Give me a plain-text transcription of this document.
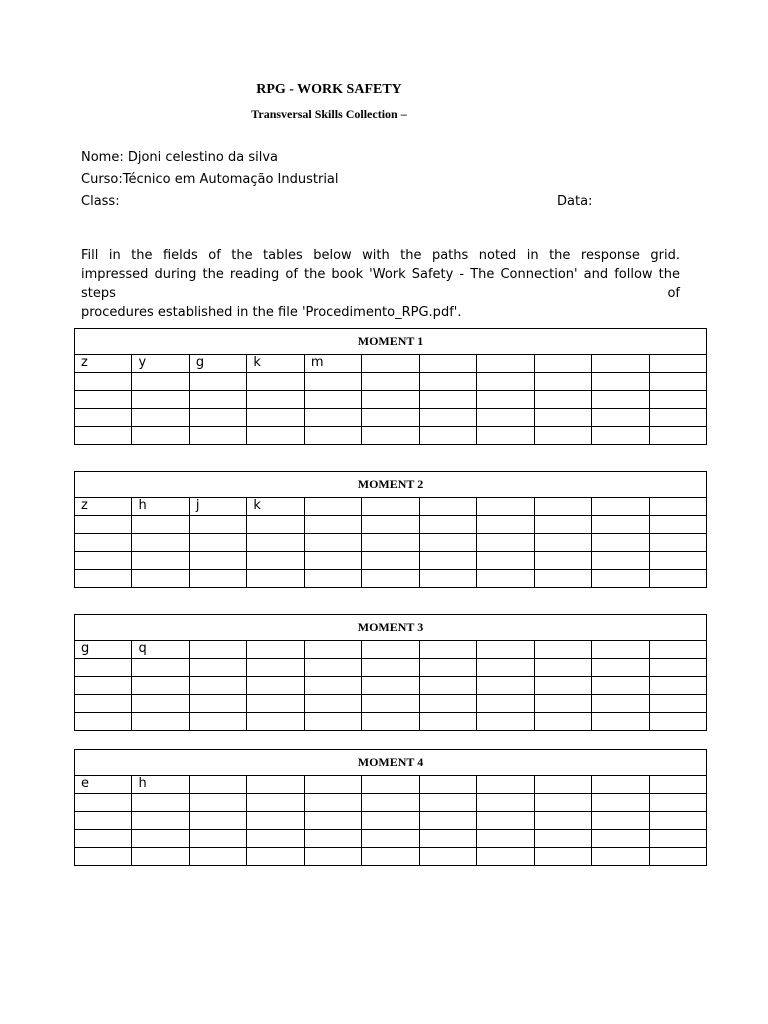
RPG - WORK SAFETY
Transversal Skills Collection –
Nome: Djoni celestino da silva
Curso:Técnico em Automação Industrial
Class:	Data:
Fill in the fields of the tables below with the paths noted in the response grid.
impressed during the reading of the book 'Work Safety - The Connection' and follow the steps of
procedures established in the file 'Procedimento_RPG.pdf'.
MOMENT 1										
z	y	g	k	m						

MOMENT 2										
z	h	j	k							

MOMENT 3										
g	q									

MOMENT 4										
e	h									
